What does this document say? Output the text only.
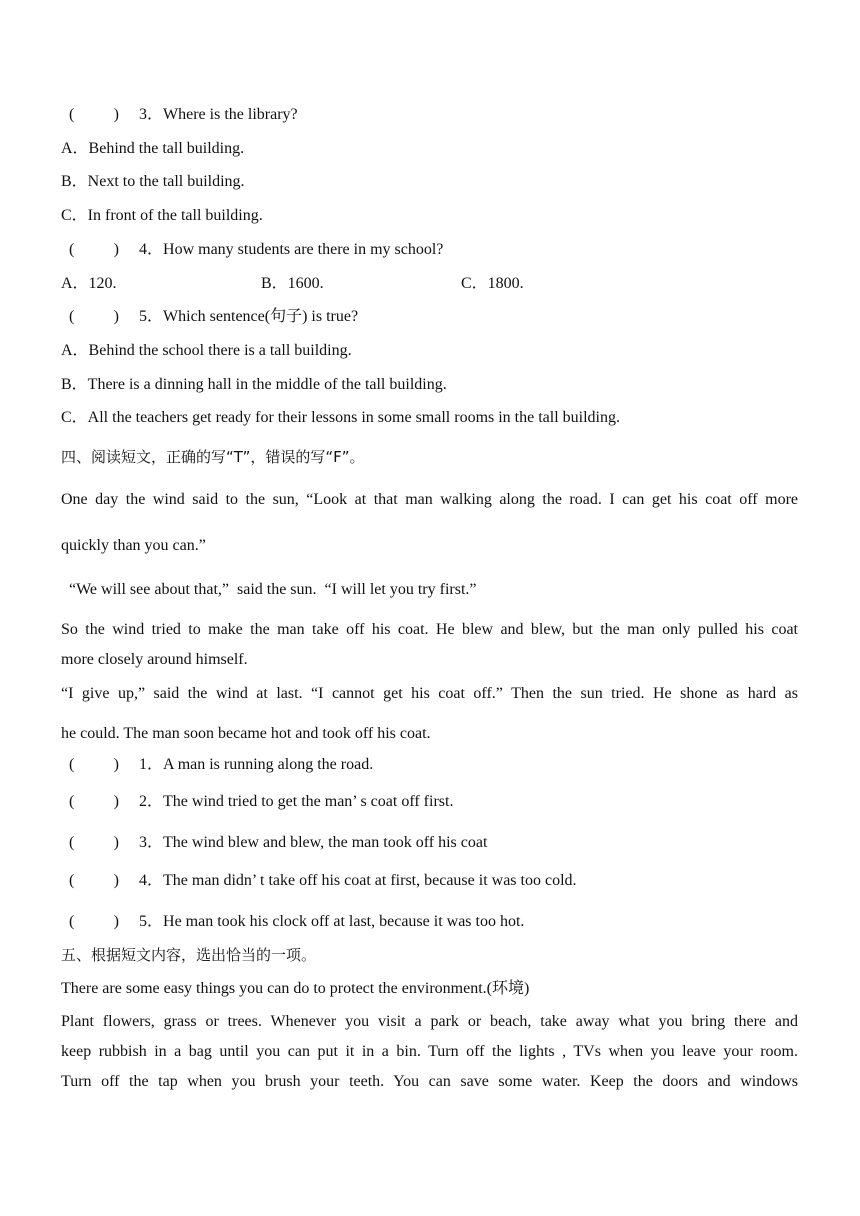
(  )3．Where is the library?
A．Behind the tall building.
B．Next to the tall building.
C．In front of the tall building.
(  )4．How many students are there in my school?
A．120.	B．1600.	C．1800.
(  )5．Which sentence(句子) is true?
A．Behind the school there is a tall building.
B．There is a dinning hall in the middle of the tall building.
C．All the teachers get ready for their lessons in some small rooms in the tall building.
四、阅读短文，正确的写“T”，错误的写“F”。
One day the wind said to the sun, “Look at that man walking along the road. I can get his coat off more
quickly than you can.”
“We will see about that,”  said the sun.  “I will let you try first.”
So the wind tried to make the man take off his coat. He blew and blew, but the man only pulled his coat
more closely around himself.
“I give up,” said the wind at last. “I cannot get his coat off.” Then the sun tried. He shone as hard as
he could. The man soon became hot and took off his coat.
(  )1．A man is running along the road.
(  )2．The wind tried to get the man’ s coat off first.
(  )3．The wind blew and blew, the man took off his coat
(  )4．The man didn’ t take off his coat at first, because it was too cold.
(  )5．He man took his clock off at last, because it was too hot.
五、根据短文内容，选出恰当的一项。
There are some easy things you can do to protect the environment.(环境)
Plant flowers, grass or trees. Whenever you visit a park or beach, take away what you bring there and
keep rubbish in a bag until you can put it in a bin. Turn off the lights , TVs when you leave your room.
Turn off the tap when you brush your teeth. You can save some water. Keep the doors and windows
